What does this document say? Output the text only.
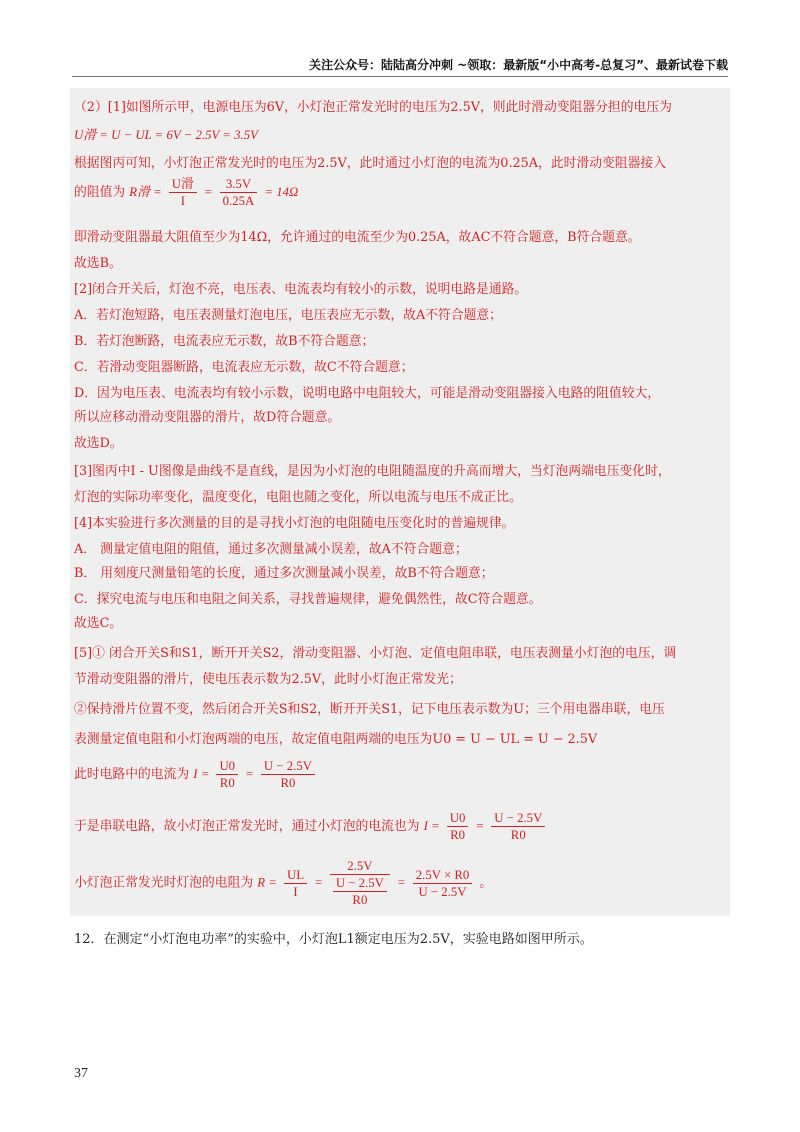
关注公众号：陆陆高分冲刺 ~领取：最新版“小中高考-总复习”、最新试卷下载
（2）[1]如图所示甲，电源电压为6V，小灯泡正常发光时的电压为2.5V，则此时滑动变阻器分担的电压为
U滑 = U − UL = 6V − 2.5V = 3.5V
根据图丙可知，小灯泡正常发光时的电压为2.5V，此时通过小灯泡的电流为0.25A，此时滑动变阻器接入
的阻值为 R滑 = $\frac{\text{U滑}}{I} = \frac{3.5V}{0.25A} = 14\Omega$
即滑动变阻器最大阻值至少为14Ω，允许通过的电流至少为0.25A，故AC不符合题意，B符合题意。
故选B。
[2]闭合开关后，灯泡不亮，电压表、电流表均有较小的示数，说明电路是通路。
A．若灯泡短路，电压表测量灯泡电压，电压表应无示数，故A不符合题意；
B．若灯泡断路，电流表应无示数，故B不符合题意；
C．若滑动变阻器断路，电流表应无示数，故C不符合题意；
D．因为电压表、电流表均有较小示数，说明电路中电阻较大，可能是滑动变阻器接入电路的阻值较大，
所以应移动滑动变阻器的滑片，故D符合题意。
故选D。
[3]图丙中I - U图像是曲线不是直线，是因为小灯泡的电阻随温度的升高而增大，当灯泡两端电压变化时，
灯泡的实际功率变化，温度变化，电阻也随之变化，所以电流与电压不成正比。
[4]本实验进行多次测量的目的是寻找小灯泡的电阻随电压变化时的普遍规律。
A． 测量定值电阻的阻值，通过多次测量减小误差，故A不符合题意；
B． 用刻度尺测量铅笔的长度，通过多次测量减小误差，故B不符合题意；
C．探究电流与电压和电阻之间关系，寻找普遍规律，避免偶然性，故C符合题意。
故选C。
[5]① 闭合开关S和S1，断开开关S2，滑动变阻器、小灯泡、定值电阻串联，电压表测量小灯泡的电压，调
节滑动变阻器的滑片，使电压表示数为2.5V，此时小灯泡正常发光；
②保持滑片位置不变，然后闭合开关S和S2，断开开关S1，记下电压表示数为U；三个用电器串联，电压
表测量定值电阻和小灯泡两端的电压，故定值电阻两端的电压为U0 = U − UL = U − 2.5V
此时电路中的电流为 $I = \frac{U0}{R0} = \frac{U - 2.5V}{R0}$
于是串联电路，故小灯泡正常发光时，通过小灯泡的电流也为 $I = \frac{U0}{R0} = \frac{U - 2.5V}{R0}$
小灯泡正常发光时灯泡的电阻为 $R = \frac{UL}{I} = \frac{2.5V}{\frac{U - 2.5V}{R0}} = \frac{2.5V \times R0}{U - 2.5V}$ 。
12．在测定“小灯泡电功率”的实验中，小灯泡L1额定电压为2.5V，实验电路如图甲所示。
37
